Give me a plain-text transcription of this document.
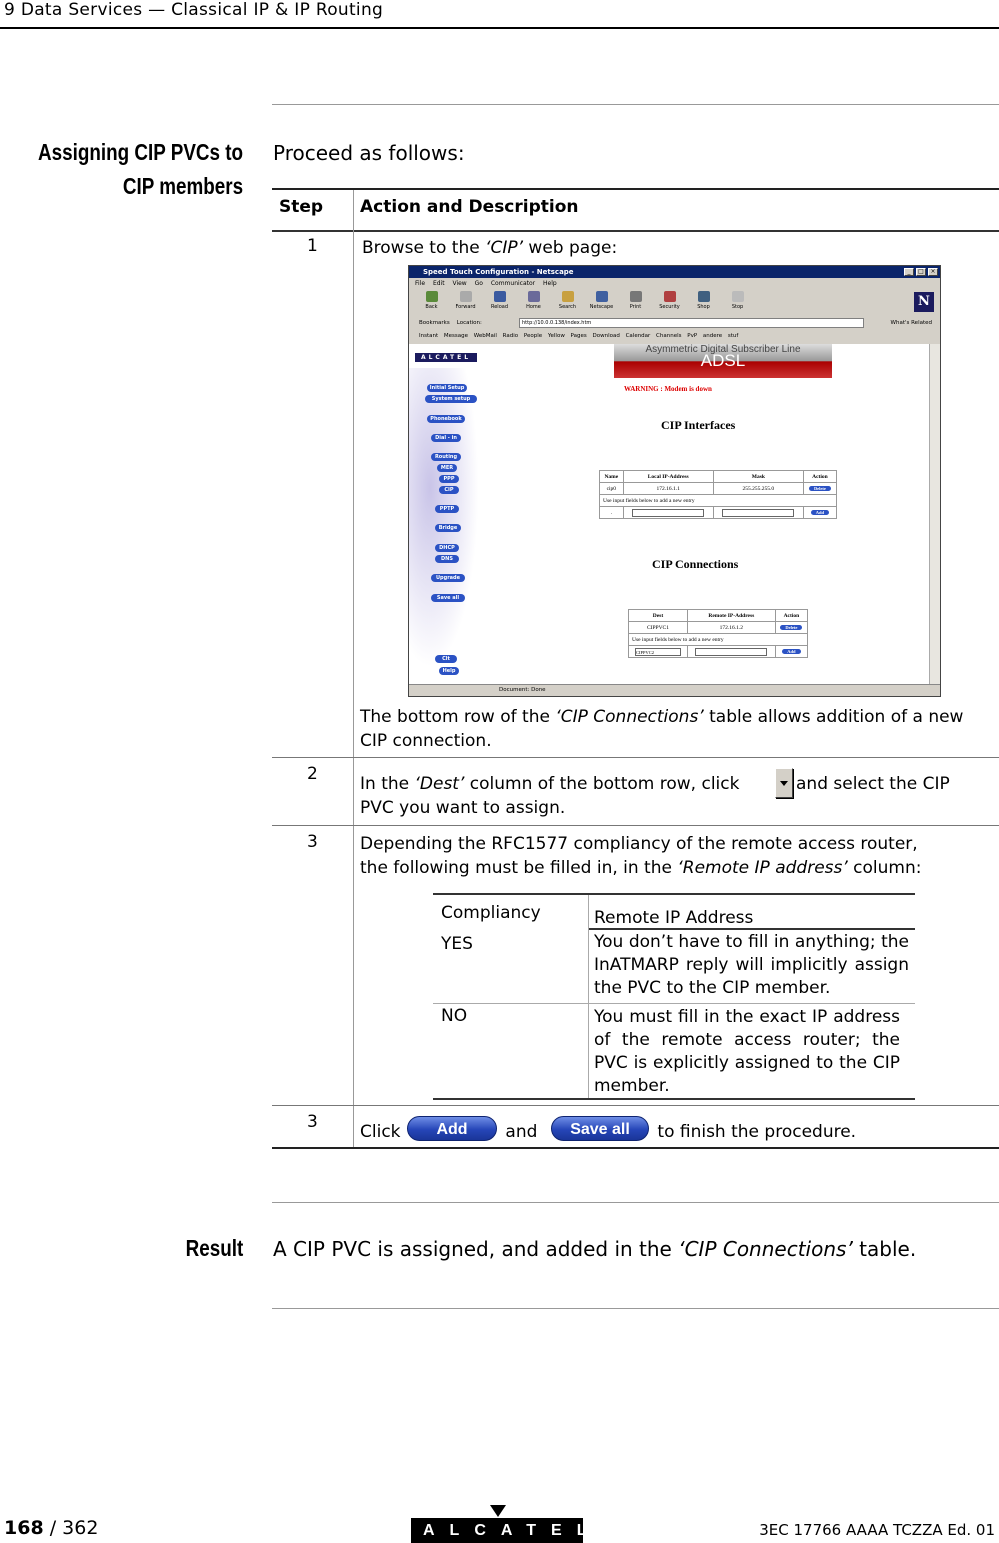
9 Data Services — Classical IP & IP Routing
Assigning CIP PVCs to
CIP members
Proceed as follows:
Step Action and Description
1	Browse to the ‘CIP’ web page:
Speed Touch Configuration - Netscape	_	□	×
File Edit View Go Communicator Help
Back	Forward	Reload	Home	Search	Netscape	Print	Security	Shop	Stop	N
Bookmarks Location:	http://10.0.0.138/index.htm	What's Related
Instant Message WebMail Radio People Yellow Pages Download Calendar Channels PvP andere stuf
ALCATEL
Asymmetric Digital Subscriber Line
ADSL
WARNING : Modem is down
Initial Setup
System setup
Phonebook
Dial - in
Routing
MER
PPP
CIP
PPTP
Bridge
DHCP
DNS
Upgrade
Save all
Clt
Help
CIP Interfaces
Name	Local IP-Address	Mask	Action
cip0	172.16.1.1	255.255.255.0	Delete
Use input fields below to add a new entry			
.			Add
CIP Connections
Dest	Remote IP-Address	Action
CIPPVC1	172.16.1.2	Delete
Use input fields below to add a new entry		
CIPPVC2		Add
Document: Done
The bottom row of the ‘CIP Connections’ table allows addition of a new CIP connection.
2 In the ‘Dest’ column of the bottom row, click	and select the CIP
PVC you want to assign.
3 Depending the RFC1577 compliancy of the remote access router,
the following must be filled in, in the ‘Remote IP address’ column:
Compliancy	Remote IP Address
YES	You don’t have to fill in anything; the InATMARP reply will implicitly assign the PVC to the CIP member.
NO	You must fill in the exact IP address of the remote access router; the PVC is explicitly assigned to the CIP member.
3 Click	Add	and	Save all	to finish the procedure.
Result A CIP PVC is assigned, and added in the ‘CIP Connections’ table.
168 / 362	ALCATEL	3EC 17766 AAAA TCZZA Ed. 01
